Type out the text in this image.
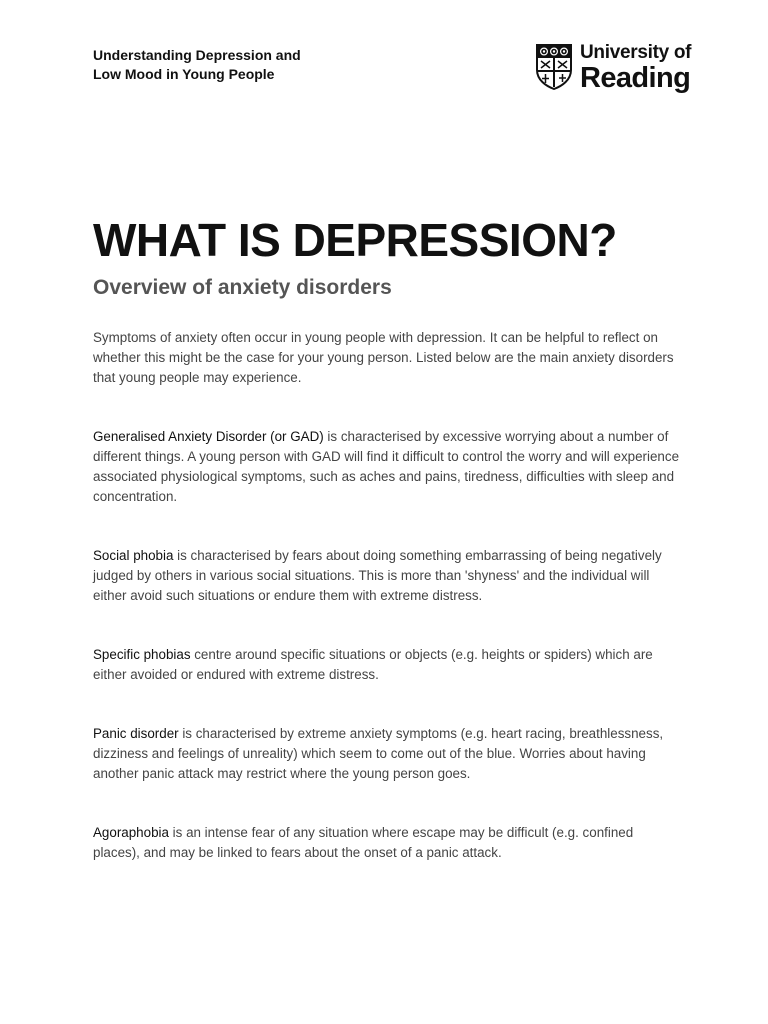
Understanding Depression and
Low Mood in Young People
University of
Reading
WHAT IS DEPRESSION?
Overview of anxiety disorders

Symptoms of anxiety often occur in young people with depression. It can be helpful to reflect on whether this might be the case for your young person. Listed below are the main anxiety disorders that young people may experience.

Generalised Anxiety Disorder (or GAD) is characterised by excessive worrying about a number of different things. A young person with GAD will find it difficult to control the worry and will experience associated physiological symptoms, such as aches and pains, tiredness, difficulties with sleep and concentration.

Social phobia is characterised by fears about doing something embarrassing of being negatively judged by others in various social situations. This is more than 'shyness' and the individual will either avoid such situations or endure them with extreme distress.

Specific phobias centre around specific situations or objects (e.g. heights or spiders) which are either avoided or endured with extreme distress.

Panic disorder is characterised by extreme anxiety symptoms (e.g. heart racing, breathlessness, dizziness and feelings of unreality) which seem to come out of the blue. Worries about having another panic attack may restrict where the young person goes.

Agoraphobia is an intense fear of any situation where escape may be difficult (e.g. confined places), and may be linked to fears about the onset of a panic attack.
